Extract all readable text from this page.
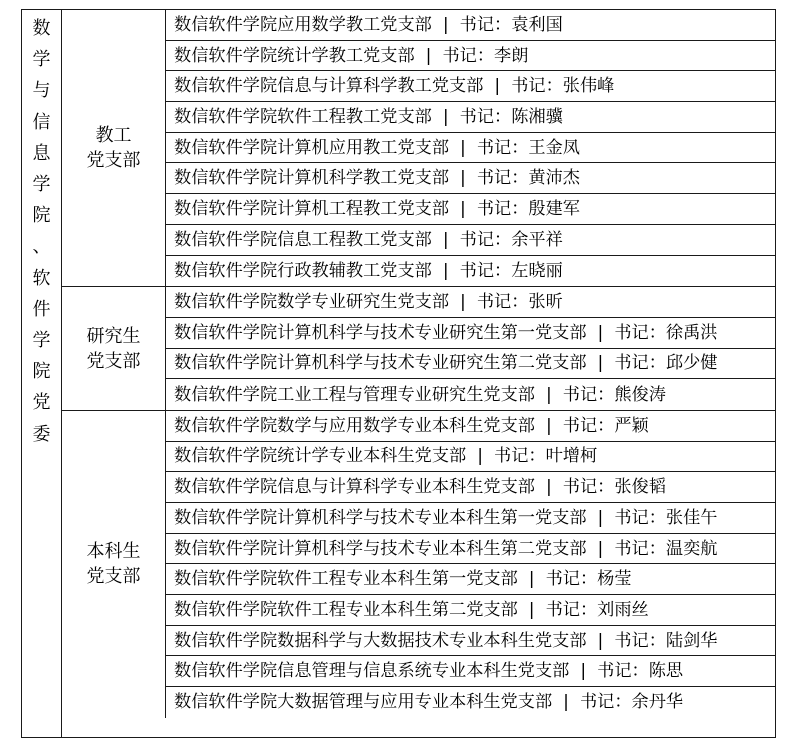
数
学
与
信
息
学
院
、
软
件
学
院
党
委
教工
党支部
数信软件学院应用数学教工党支部 | 书记：袁利国
数信软件学院统计学教工党支部 | 书记：李朗
数信软件学院信息与计算科学教工党支部 | 书记：张伟峰
数信软件学院软件工程教工党支部 | 书记：陈湘骥
数信软件学院计算机应用教工党支部 | 书记：王金凤
数信软件学院计算机科学教工党支部 | 书记：黄沛杰
数信软件学院计算机工程教工党支部 | 书记：殷建军
数信软件学院信息工程教工党支部 | 书记：余平祥
数信软件学院行政教辅教工党支部 | 书记：左晓丽
研究生
党支部
数信软件学院数学专业研究生党支部 | 书记：张昕
数信软件学院计算机科学与技术专业研究生第一党支部 | 书记：徐禹洪
数信软件学院计算机科学与技术专业研究生第二党支部 | 书记：邱少健
数信软件学院工业工程与管理专业研究生党支部 | 书记：熊俊涛
本科生
党支部
数信软件学院数学与应用数学专业本科生党支部 | 书记：严颖
数信软件学院统计学专业本科生党支部 | 书记：叶增柯
数信软件学院信息与计算科学专业本科生党支部 | 书记：张俊韬
数信软件学院计算机科学与技术专业本科生第一党支部 | 书记：张佳午
数信软件学院计算机科学与技术专业本科生第二党支部 | 书记：温奕航
数信软件学院软件工程专业本科生第一党支部 | 书记：杨莹
数信软件学院软件工程专业本科生第二党支部 | 书记：刘雨丝
数信软件学院数据科学与大数据技术专业本科生党支部 | 书记：陆剑华
数信软件学院信息管理与信息系统专业本科生党支部 | 书记：陈思
数信软件学院大数据管理与应用专业本科生党支部 | 书记：余丹华
